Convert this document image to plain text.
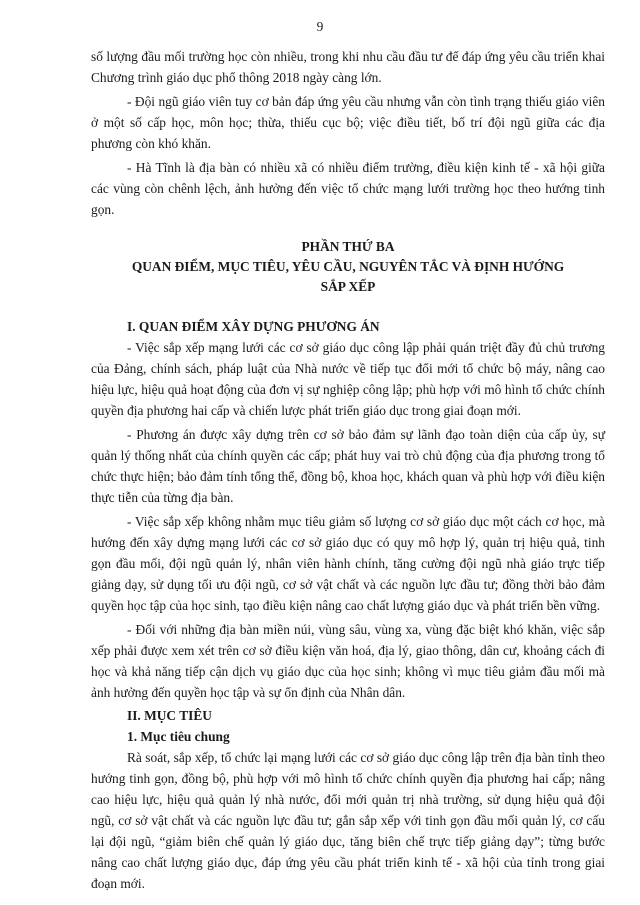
9

số lượng đầu mối trường học còn nhiều, trong khi nhu cầu đầu tư để đáp ứng yêu cầu triển khai Chương trình giáo dục phổ thông 2018 ngày càng lớn.

- Đội ngũ giáo viên tuy cơ bản đáp ứng yêu cầu nhưng vẫn còn tình trạng thiếu giáo viên ở một số cấp học, môn học; thừa, thiếu cục bộ; việc điều tiết, bố trí đội ngũ giữa các địa phương còn khó khăn.

- Hà Tĩnh là địa bàn có nhiều xã có nhiều điểm trường, điều kiện kinh tế - xã hội giữa các vùng còn chênh lệch, ảnh hưởng đến việc tổ chức mạng lưới trường học theo hướng tinh gọn.

PHẦN THỨ BA
QUAN ĐIỂM, MỤC TIÊU, YÊU CẦU, NGUYÊN TẮC VÀ ĐỊNH HƯỚNG
SẮP XẾP
I. QUAN ĐIỂM XÂY DỰNG PHƯƠNG ÁN

- Việc sắp xếp mạng lưới các cơ sở giáo dục công lập phải quán triệt đầy đủ chủ trương của Đảng, chính sách, pháp luật của Nhà nước về tiếp tục đổi mới tổ chức bộ máy, nâng cao hiệu lực, hiệu quả hoạt động của đơn vị sự nghiệp công lập; phù hợp với mô hình tổ chức chính quyền địa phương hai cấp và chiến lược phát triển giáo dục trong giai đoạn mới.

- Phương án được xây dựng trên cơ sở bảo đảm sự lãnh đạo toàn diện của cấp ủy, sự quản lý thống nhất của chính quyền các cấp; phát huy vai trò chủ động của địa phương trong tổ chức thực hiện; bảo đảm tính tổng thể, đồng bộ, khoa học, khách quan và phù hợp với điều kiện thực tiễn của từng địa bàn.

- Việc sắp xếp không nhằm mục tiêu giảm số lượng cơ sở giáo dục một cách cơ học, mà hướng đến xây dựng mạng lưới các cơ sở giáo dục có quy mô hợp lý, quản trị hiệu quả, tinh gọn đầu mối, đội ngũ quản lý, nhân viên hành chính, tăng cường đội ngũ nhà giáo trực tiếp giảng dạy, sử dụng tối ưu đội ngũ, cơ sở vật chất và các nguồn lực đầu tư; đồng thời bảo đảm quyền học tập của học sinh, tạo điều kiện nâng cao chất lượng giáo dục và phát triển bền vững.

- Đối với những địa bàn miền núi, vùng sâu, vùng xa, vùng đặc biệt khó khăn, việc sắp xếp phải được xem xét trên cơ sở điều kiện văn hoá, địa lý, giao thông, dân cư, khoảng cách đi học và khả năng tiếp cận dịch vụ giáo dục của học sinh; không vì mục tiêu giảm đầu mối mà ảnh hưởng đến quyền học tập và sự ổn định của Nhân dân.

II. MỤC TIÊU
1. Mục tiêu chung

Rà soát, sắp xếp, tổ chức lại mạng lưới các cơ sở giáo dục công lập trên địa bàn tỉnh theo hướng tinh gọn, đồng bộ, phù hợp với mô hình tổ chức chính quyền địa phương hai cấp; nâng cao hiệu lực, hiệu quả quản lý nhà nước, đổi mới quản trị nhà trường, sử dụng hiệu quả đội ngũ, cơ sở vật chất và các nguồn lực đầu tư; gắn sắp xếp với tinh gọn đầu mối quản lý, cơ cấu lại đội ngũ, “giảm biên chế quản lý giáo dục, tăng biên chế trực tiếp giảng dạy”; từng bước nâng cao chất lượng giáo dục, đáp ứng yêu cầu phát triển kinh tế - xã hội của tỉnh trong giai đoạn mới.
